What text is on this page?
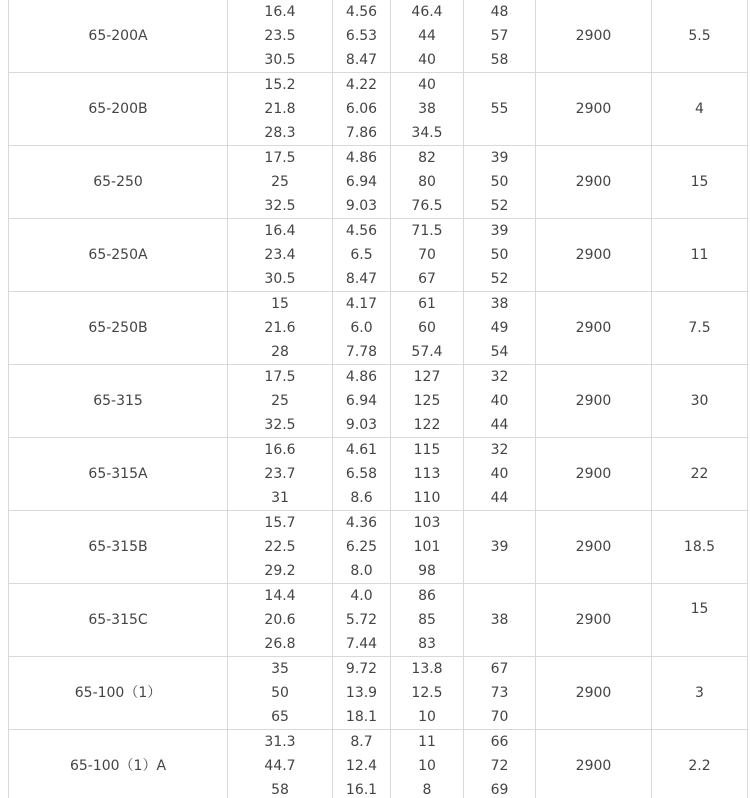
65-200A	16.4
23.5
30.5	4.56
6.53
8.47	46.4
44
40	48
57
58	2900	5.5
65-200B	15.2
21.8
28.3	4.22
6.06
7.86	40
38
34.5	55	2900	4
65-250	17.5
25
32.5	4.86
6.94
9.03	82
80
76.5	39
50
52	2900	15
65-250A	16.4
23.4
30.5	4.56
6.5
8.47	71.5
70
67	39
50
52	2900	11
65-250B	15
21.6
28	4.17
6.0
7.78	61
60
57.4	38
49
54	2900	7.5
65-315	17.5
25
32.5	4.86
6.94
9.03	127
125
122	32
40
44	2900	30
65-315A	16.6
23.7
31	4.61
6.58
8.6	115
113
110	32
40
44	2900	22
65-315B	15.7
22.5
29.2	4.36
6.25
8.0	103
101
98	39	2900	18.5
65-315C	14.4
20.6
26.8	4.0
5.72
7.44	86
85
83	38	2900	15
65-100（1）	35
50
65	9.72
13.9
18.1	13.8
12.5
10	67
73
70	2900	3
65-100（1）A	31.3
44.7
58	8.7
12.4
16.1	11
10
8	66
72
69	2900	2.2
